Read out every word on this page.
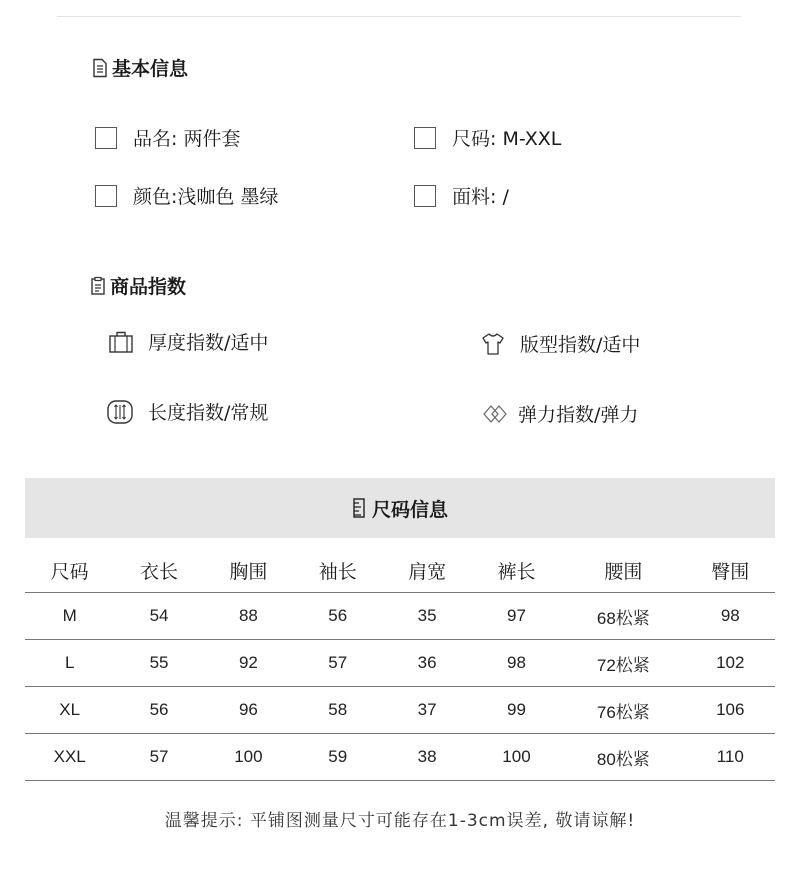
基本信息
品名: 两件套	尺码: M-XXL
颜色:浅咖色 墨绿	面料: /
商品指数
厚度指数/适中	版型指数/适中
长度指数/常规	弹力指数/弹力
尺码信息
尺码	衣长	胸围	袖长	肩宽	裤长	腰围	臀围
M	54	88	56	35	97	68松紧	98
L	55	92	57	36	98	72松紧	102
XL	56	96	58	37	99	76松紧	106
XXL	57	100	59	38	100	80松紧	110
温馨提示: 平铺图测量尺寸可能存在1-3cm误差, 敬请谅解!
